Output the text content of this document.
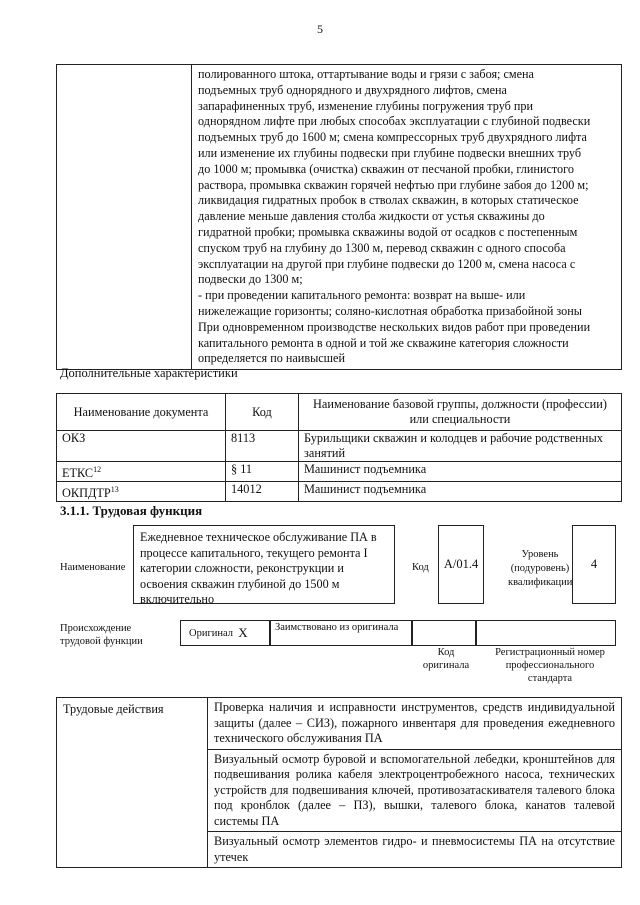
5

полированного штока, оттартывание воды и грязи с забоя; смена
подъемных труб однорядного и двухрядного лифтов, смена
запарафиненных труб, изменение глубины погружения труб при
однорядном лифте при любых способах эксплуатации с глубиной подвески
подъемных труб до 1600 м; смена компрессорных труб двухрядного лифта
или изменение их глубины подвески при глубине подвески внешних труб
до 1000 м; промывка (очистка) скважин от песчаной пробки, глинистого
раствора, промывка скважин горячей нефтью при глубине забоя до 1200 м;
ликвидация гидратных пробок в стволах скважин, в которых статическое
давление меньше давления столба жидкости от устья скважины до
гидратной пробки; промывка скважины водой от осадков с постепенным
спуском труб на глубину до 1300 м, перевод скважин с одного способа
эксплуатации на другой при глубине подвески до 1200 м, смена насоса с
подвески до 1300 м;
- при проведении капитального ремонта: возврат на выше- или
нижележащие горизонты; соляно-кислотная обработка призабойной зоны
При одновременном производстве нескольких видов работ при проведении
капитального ремонта в одной и той же скважине категория сложности
определяется по наивысшей
Дополнительные характеристики
Наименование документа	Код	Наименование базовой группы, должности (профессии) или специальности
ОКЗ	8113	Бурильщики скважин и колодцев и рабочие родственных занятий
ЕТКС$^{12}$	§ 11	Машинист подъемника
ОКПДТР$^{13}$	14012	Машинист подъемника
3.1.1. Трудовая функция
Наименование
Ежедневное техническое обслуживание ПА в процессе капитального, текущего ремонта I категории сложности, реконструкции и освоения скважин глубиной до 1500 м включительно
Код	А/01.4
Уровень (подуровень) квалификации
4
Происхождение трудовой функции
Оригинал
X	Заимствовано из оригинала
Код оригинала
Регистрационный номер профессионального стандарта
Трудовые действия	Проверка наличия и исправности инструментов, средств индивидуальной защиты (далее – СИЗ), пожарного инвентаря для проведения ежедневного технического обслуживания ПА
Визуальный осмотр буровой и вспомогательной лебедки, кронштейнов для подвешивания ролика кабеля электроцентробежного насоса, технических устройств для подвешивания ключей, противозатаскивателя талевого блока под кронблок (далее – ПЗ), вышки, талевого блока, канатов талевой системы ПА
Визуальный осмотр элементов гидро- и пневмосистемы ПА на отсутствие утечек
